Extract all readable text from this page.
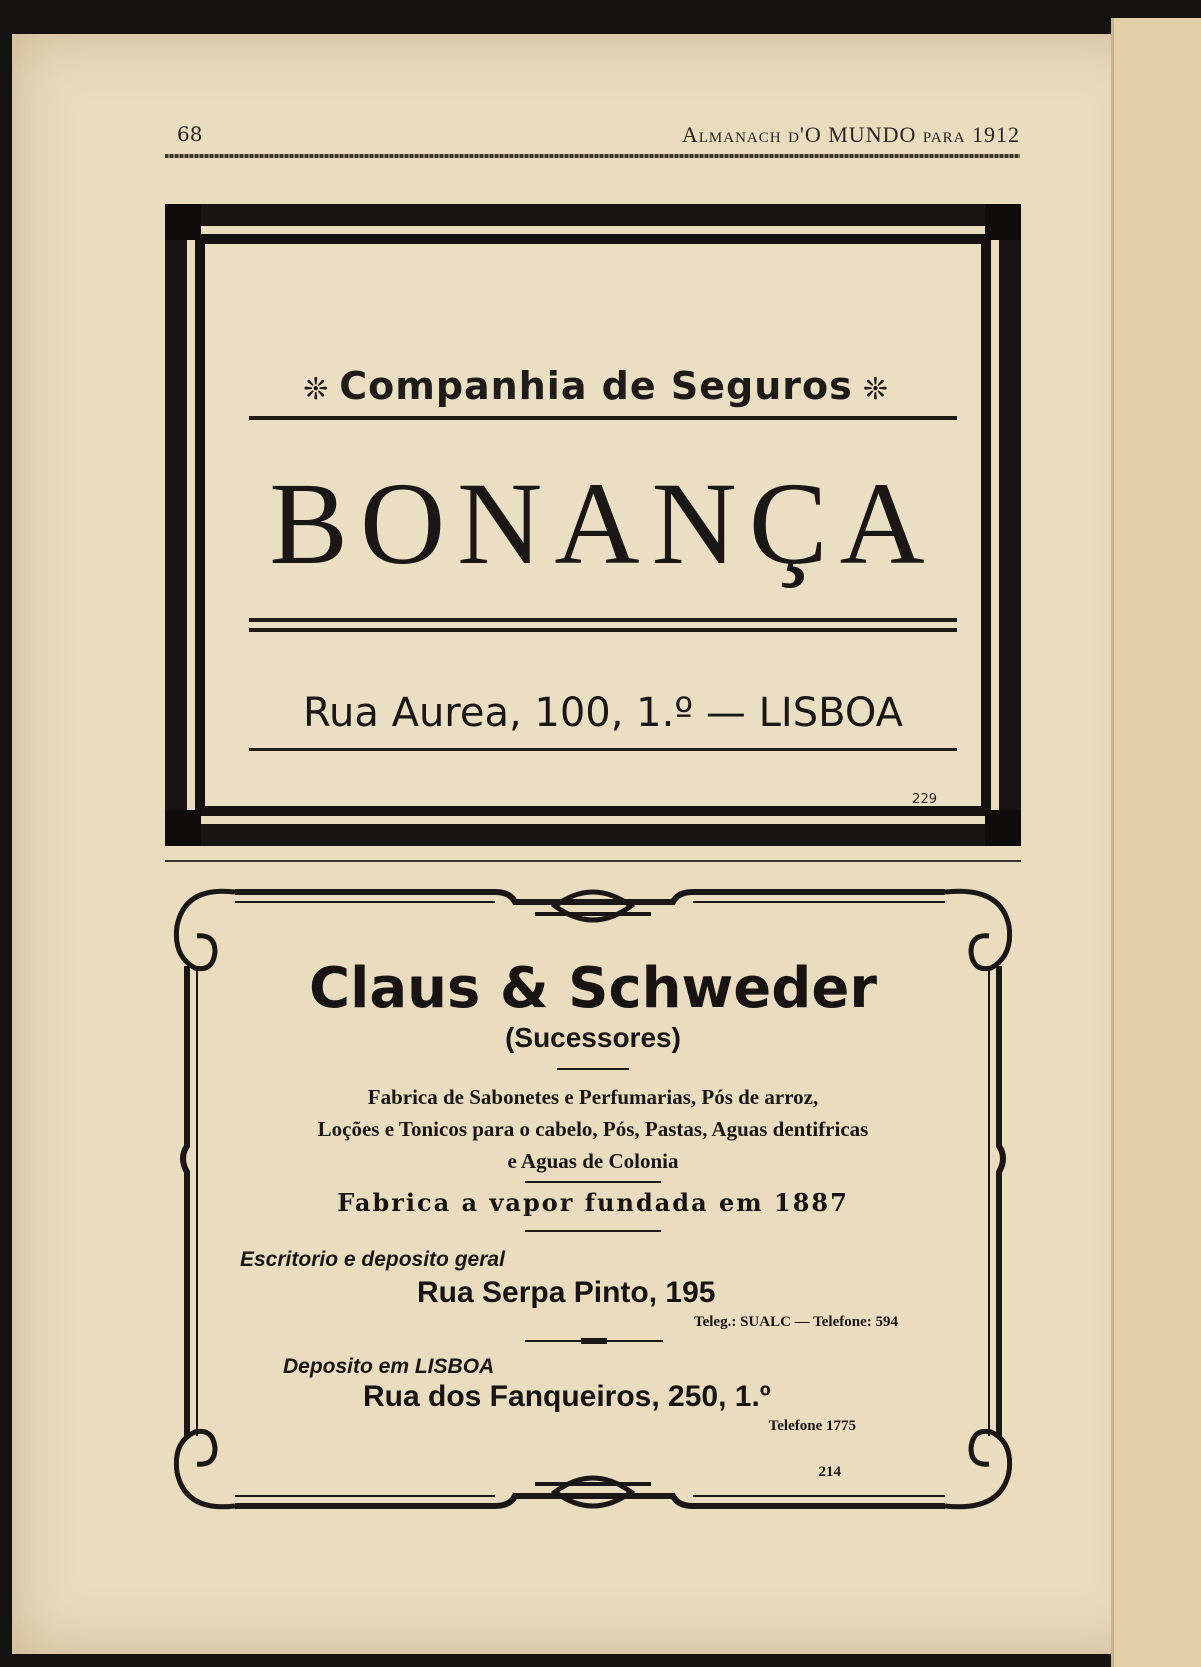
68	Almanach d'O MUNDO para 1912
❊ Companhia de Seguros ❊
BONANÇA
Rua Aurea, 100, 1.º — LISBOA
229
Claus & Schweder
(Sucessores)
Fabrica de Sabonetes e Perfumarias, Pós de arroz,
Loções e Tonicos para o cabelo, Pós, Pastas, Aguas dentifricas
e Aguas de Colonia
Fabrica a vapor fundada em 1887
Escritorio e deposito geral
Rua Serpa Pinto, 195
Teleg.: SUALC — Telefone: 594
Deposito em LISBOA
Rua dos Fanqueiros, 250, 1.º
Telefone 1775
214
